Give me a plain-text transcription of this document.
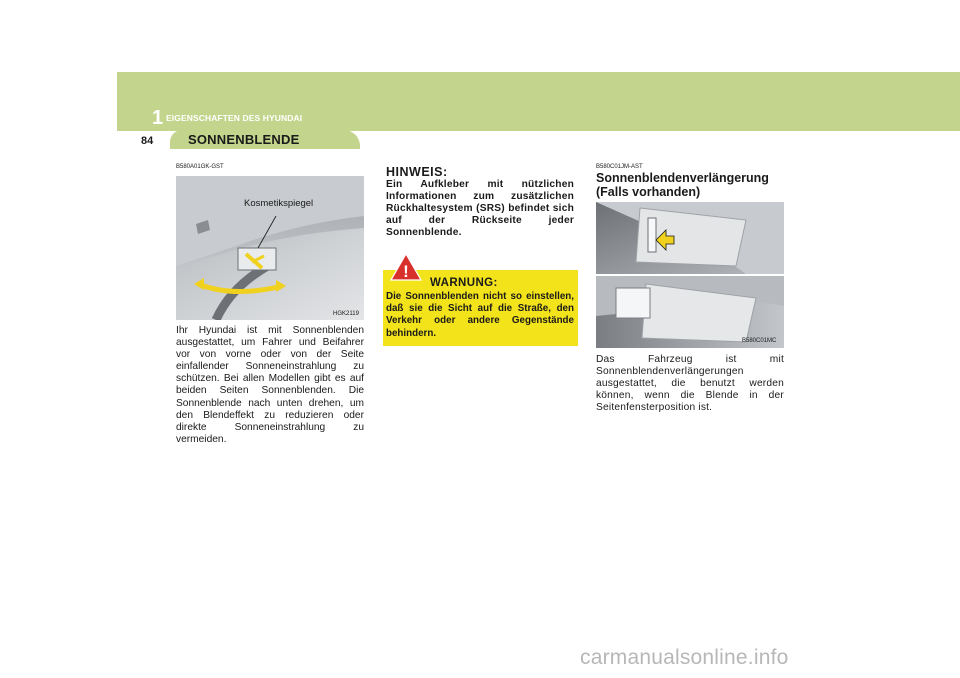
1 EIGENSCHAFTEN DES HYUNDAI
84	SONNENBLENDE
B580A01GK-GST
Kosmetikspiegel
HGK2119
Ihr Hyundai ist mit Sonnenblenden ausgestattet, um Fahrer und Beifahrer vor von vorne oder von der Seite einfallender Sonneneinstrahlung zu schützen. Bei allen Modellen gibt es auf beiden Seiten Sonnenblenden. Die Sonnenblende nach unten drehen, um den Blendeffekt zu reduzieren oder direkte Sonneneinstrahlung zu vermeiden.
HINWEIS:
Ein Aufkleber mit nützlichen Informationen zum zusätzlichen Rückhaltesystem (SRS) befindet sich auf der Rückseite jeder Sonnenblende.
!
WARNUNG:
Die Sonnenblenden nicht so einstellen, daß sie die Sicht auf die Straße, den Verkehr oder andere Gegenstände behindern.
B580C01JM-AST
Sonnenblendenverlängerung
(Falls vorhanden)
B580C01MC
Das Fahrzeug ist mit Sonnenblendenverlängerungen ausgestattet, die benutzt werden können, wenn die Blende in der Seitenfensterposition ist.
carmanualsonline.info
